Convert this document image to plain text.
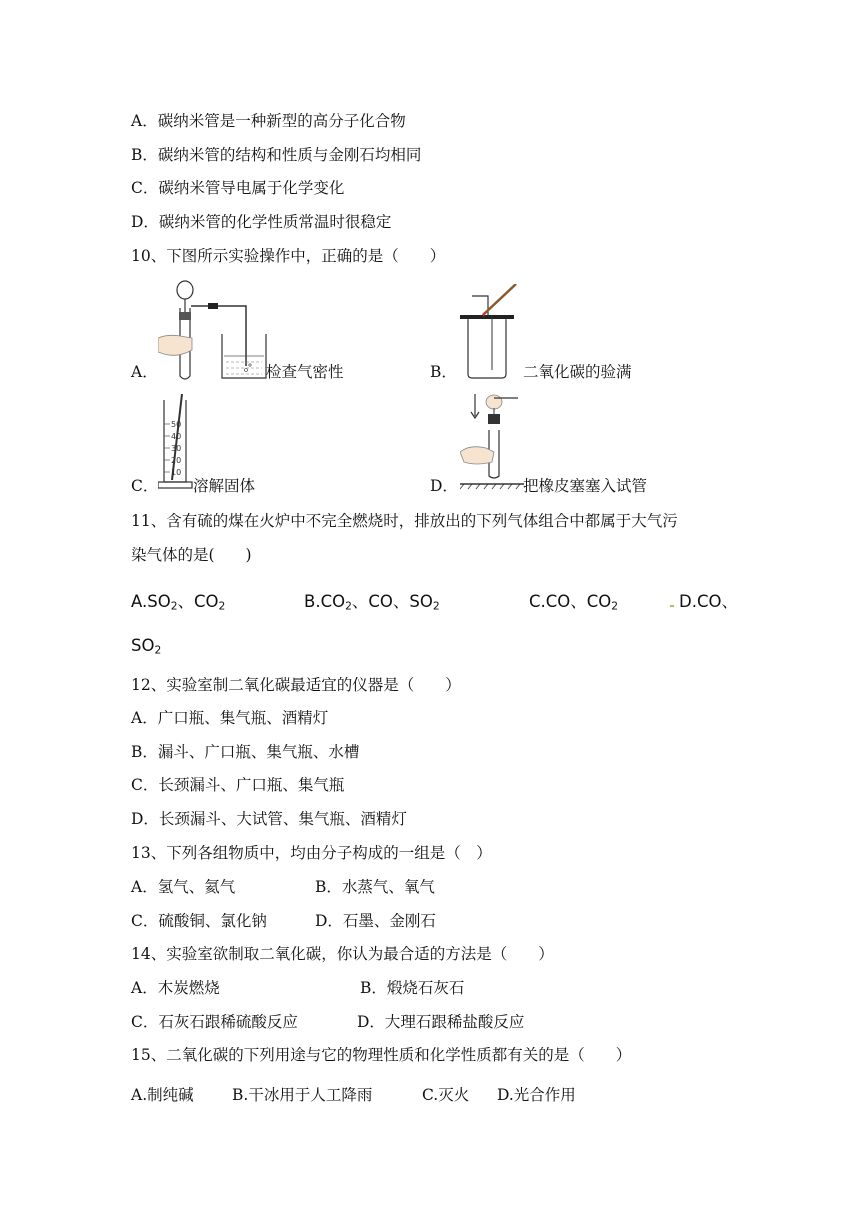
A．碳纳米管是一种新型的高分子化合物
B．碳纳米管的结构和性质与金刚石均相同
C．碳纳米管导电属于化学变化
D．碳纳米管的化学性质常温时很稳定
10、下图所示实验操作中，正确的是（　　）
A．	检查气密性	B．	二氧化碳的验满
50
40
30
20
10
C． 溶解固体	D．	把橡皮塞塞入试管
11、含有硫的煤在火炉中不完全燃烧时，排放出的下列气体组合中都属于大气污
染气体的是(　　)
$A.SO_2$、$CO_2$	$B.CO_2$、CO、$SO_2$	C.CO、$CO_2$	D.CO、
$SO_2$
12、实验室制二氧化碳最适宜的仪器是（　　）
A．广口瓶、集气瓶、酒精灯
B．漏斗、广口瓶、集气瓶、水槽
C．长颈漏斗、广口瓶、集气瓶
D．长颈漏斗、大试管、集气瓶、酒精灯
13、下列各组物质中，均由分子构成的一组是（　）
A．氢气、氦气	B．水蒸气、氧气
C．硫酸铜、氯化钠	D．石墨、金刚石
14、实验室欲制取二氧化碳，你认为最合适的方法是（　　）
A．木炭燃烧	B．煅烧石灰石
C．石灰石跟稀硫酸反应	D．大理石跟稀盐酸反应
15、二氧化碳的下列用途与它的物理性质和化学性质都有关的是（　　）
A.制纯碱 B.干冰用于人工降雨	C.灭火 D.光合作用
